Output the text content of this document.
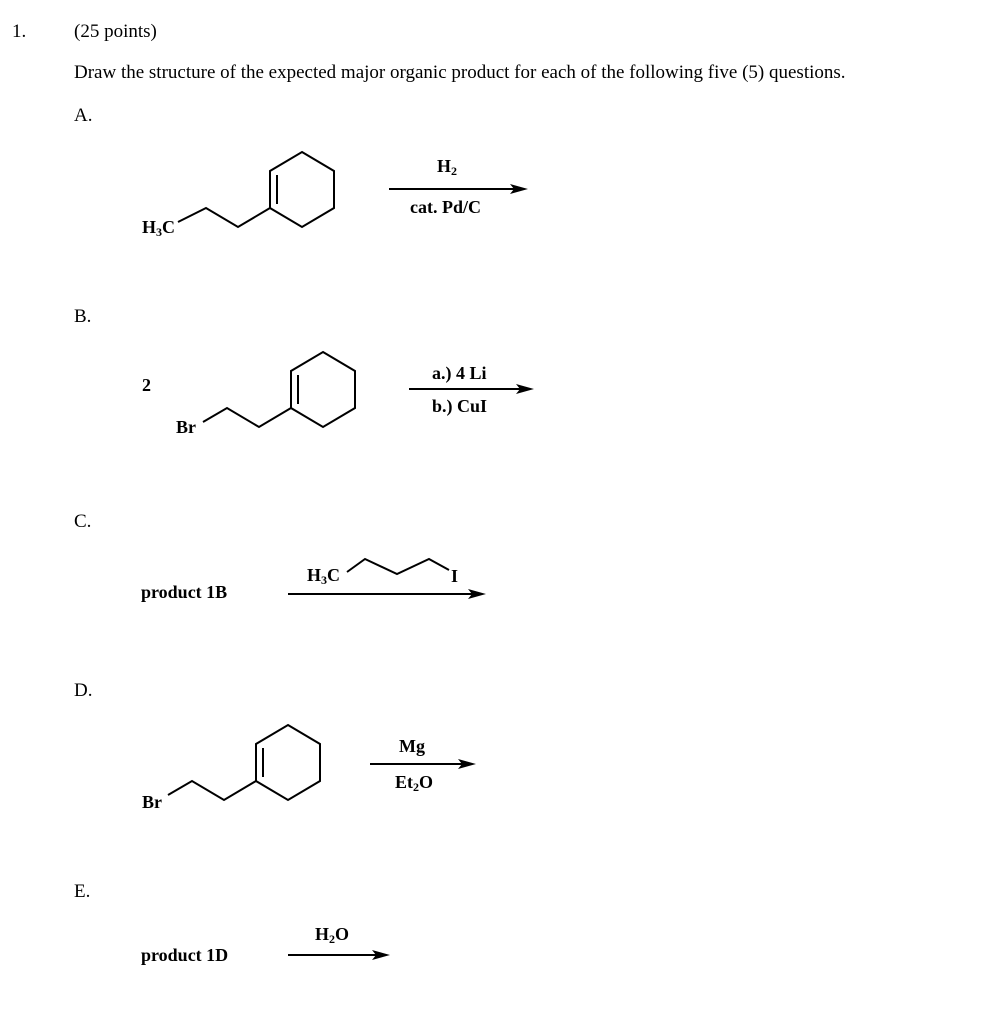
1.	(25 points)
Draw the structure of the expected major organic product for each of the following five (5) questions.
A.
$H_3C$
$H_2$
cat. Pd/C
B.
2
Br
a.) 4 Li
b.) CuI
C.
product 1B
$H_3C$	I
D.
Br
Mg
$Et_2O$
E.
product 1D
$H_2O$
